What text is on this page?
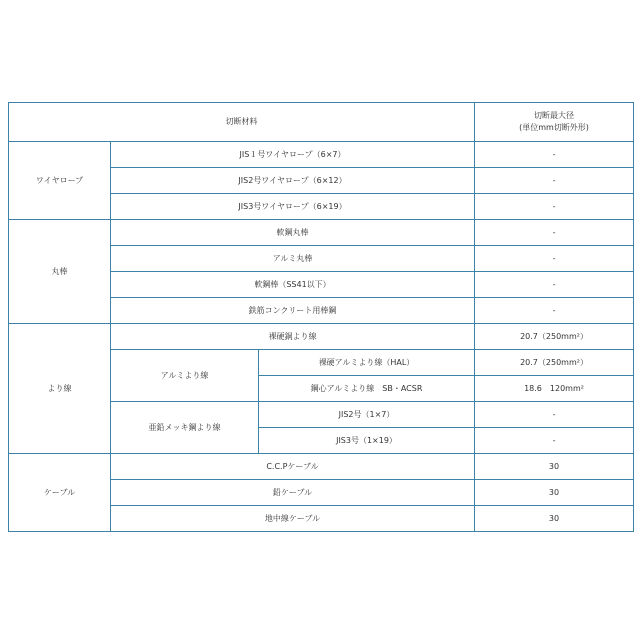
切断材料			切断最大径
(単位mm切断外形)

ワイヤロープ	JIS１号ワイヤロープ（6×7）		-
	JIS2号ワイヤロープ（6×12）		-
	JIS3号ワイヤロープ（6×19）		-
丸棒	軟鋼丸棒		-
	アルミ丸棒		-
	軟鋼棒（SS41以下）		-
	鉄筋コンクリート用棒鋼		-
より線	裸硬銅より線		20.7（250mm²）
	アルミより線	裸硬アルミより線（HAL）	20.7（250mm²）
		鋼心アルミより線　SB・ACSR	18.6　120mm²
	亜鉛メッキ鋼より線	JIS2号（1×7）	-
		JIS3号（1×19）	-
ケーブル	C.C.Pケーブル		30
	鉛ケーブル		30
	地中線ケーブル		30
